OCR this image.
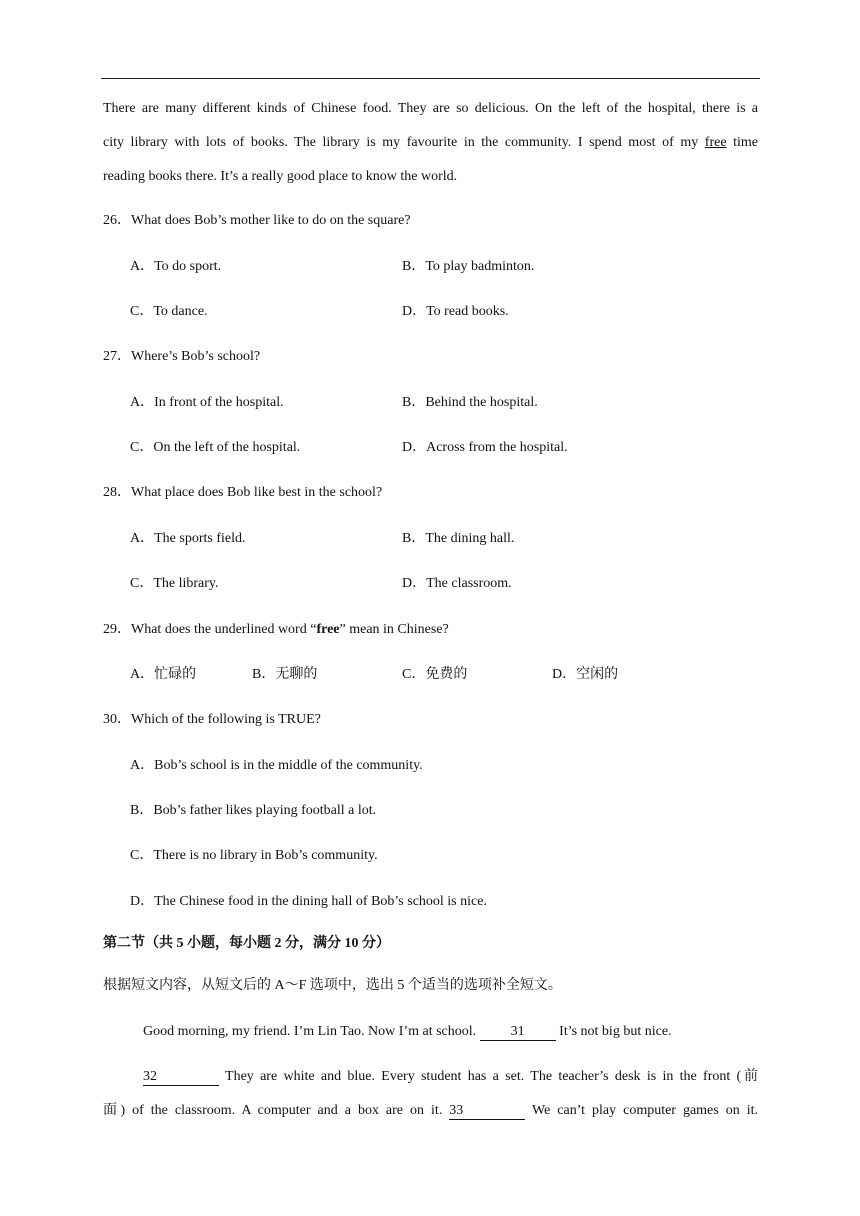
There are many different kinds of Chinese food. They are so delicious. On the left of the hospital, there is a
city library with lots of books. The library is my favourite in the community. I spend most of my free time
reading books there. It’s a really good place to know the world.
26．What does Bob’s mother like to do on the square?
A．To do sport.	B．To play badminton.
C．To dance.	D．To read books.
27．Where’s Bob’s school?
A．In front of the hospital.	B．Behind the hospital.
C．On the left of the hospital.	D．Across from the hospital.
28．What place does Bob like best in the school?
A．The sports field.	B．The dining hall.
C．The library.	D．The classroom.
29．What does the underlined word “free” mean in Chinese?
A．忙碌的	B．无聊的	C．免费的	D．空闲的
30．Which of the following is TRUE?
A．Bob’s school is in the middle of the community.
B．Bob’s father likes playing football a lot.
C．There is no library in Bob’s community.
D．The Chinese food in the dining hall of Bob’s school is nice.
第二节（共 5 小题，每小题 2 分，满分 10 分）
根据短文内容，从短文后的 A～F 选项中，选出 5 个适当的选项补全短文。
Good morning, my friend. I’m Lin Tao. Now I’m at school. 31 It’s not big but nice.
32	They are white and blue. Every student has a set. The teacher’s desk is in the front (前
面) of the classroom. A computer and a box are on it. 33	We can’t play computer games on it.
